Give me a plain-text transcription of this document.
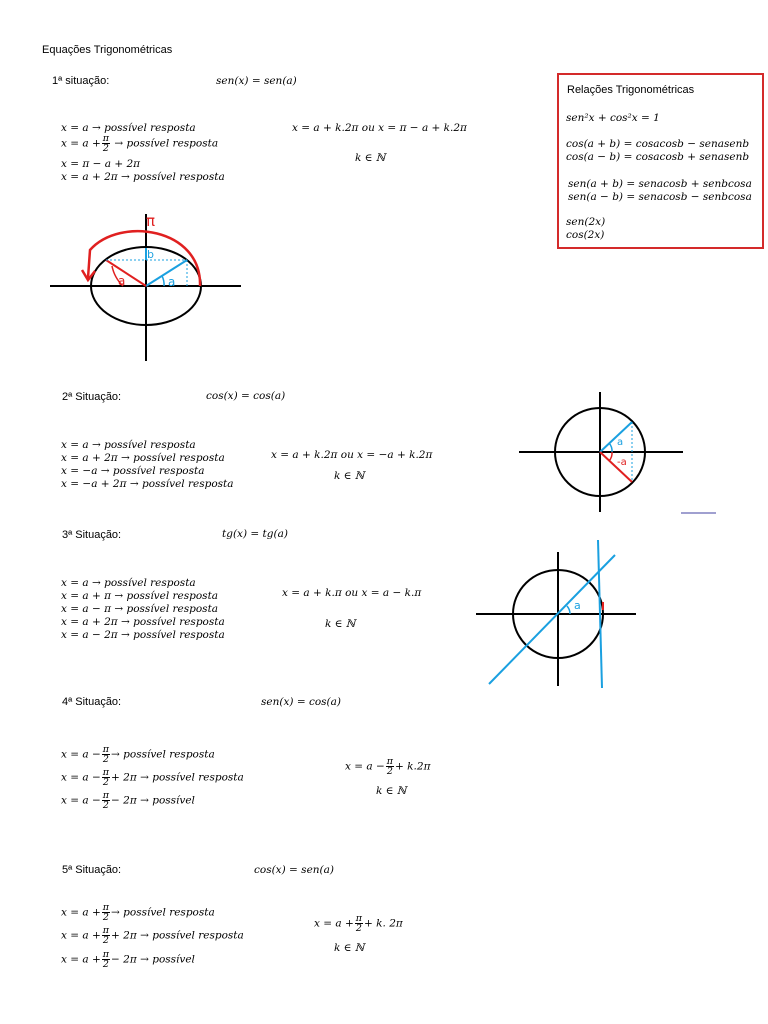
Equações Trigonométricas
Relações Trigonométricas
sen²x + cos²x = 1
cos(a + b) = cosacosb − senasenb
cos(a − b) = cosacosb + senasenb
sen(a + b) = senacosb + senbcosa
sen(a − b) = senacosb − senbcosa
sen(2x)
cos(2x)
1ª situação:	sen(x) = sen(a)
x = a → possível resposta
$x = a + \frac{\pi}{2}$ → possível resposta
x = π − a + 2π
x = a + 2π → possível resposta
x = a + k.2π ou x = π − a + k.2π
k ∈ ℕ
π
a
a
b
2ª Situação:	cos(x) = cos(a)
x = a → possível resposta
x = a + 2π → possível resposta
x = −a → possível resposta
x = −a + 2π → possível resposta
x = a + k.2π ou x = −a + k.2π
k ∈ ℕ
a
-a
3ª Situação:	tg(x) = tg(a)
x = a → possível resposta
x = a + π → possível resposta
x = a − π → possível resposta
x = a + 2π → possível resposta
x = a − 2π → possível resposta
x = a + k.π ou x = a − k.π
k ∈ ℕ
a
4ª Situação:	sen(x) = cos(a)
$x = a - \frac{\pi}{2}$ → possível resposta
$x = a - \frac{\pi}{2} + 2\pi$ → possível resposta
$x = a - \frac{\pi}{2} - 2\pi$ → possível
$x = a - \frac{\pi}{2} + k.2\pi$
k ∈ ℕ
5ª Situação:	cos(x) = sen(a)
$x = a + \frac{\pi}{2}$ → possível resposta
$x = a + \frac{\pi}{2} + 2\pi$ → possível resposta
$x = a + \frac{\pi}{2} - 2\pi$ → possível
$x = a + \frac{\pi}{2} + k$. 2π
k ∈ ℕ
